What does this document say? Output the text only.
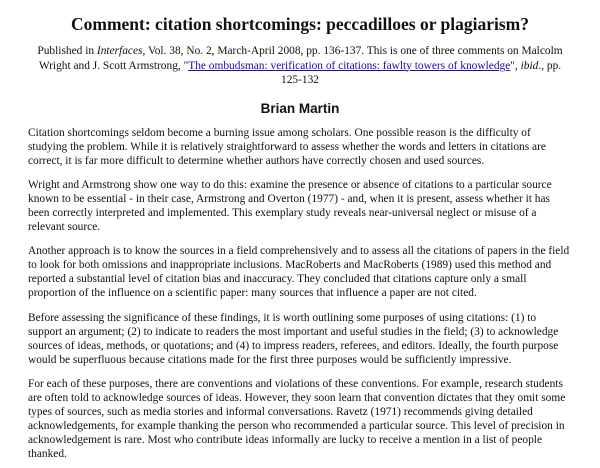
Comment: citation shortcomings: peccadilloes or plagiarism?
Published in Interfaces, Vol. 38, No. 2, March-April 2008, pp. 136-137. This is one of three comments on Malcolm Wright and J. Scott Armstrong, "The ombudsman: verification of citations: fawlty towers of knowledge", ibid., pp. 125-132
Brian Martin

Citation shortcomings seldom become a burning issue among scholars. One possible reason is the difficulty of studying the problem. While it is relatively straightforward to assess whether the words and letters in citations are correct, it is far more difficult to determine whether authors have correctly chosen and used sources.

Wright and Armstrong show one way to do this: examine the presence or absence of citations to a particular source known to be essential - in their case, Armstrong and Overton (1977) - and, when it is present, assess whether it has been correctly interpreted and implemented. This exemplary study reveals near-universal neglect or misuse of a relevant source.

Another approach is to know the sources in a field comprehensively and to assess all the citations of papers in the field to look for both omissions and inappropriate inclusions. MacRoberts and MacRoberts (1989) used this method and reported a substantial level of citation bias and inaccuracy. They concluded that citations capture only a small proportion of the influence on a scientific paper: many sources that influence a paper are not cited.

Before assessing the significance of these findings, it is worth outlining some purposes of using citations: (1) to support an argument; (2) to indicate to readers the most important and useful studies in the field; (3) to acknowledge sources of ideas, methods, or quotations; and (4) to impress readers, referees, and editors. Ideally, the fourth purpose would be superfluous because citations made for the first three purposes would be sufficiently impressive.

For each of these purposes, there are conventions and violations of these conventions. For example, research students are often told to acknowledge sources of ideas. However, they soon learn that convention dictates that they omit some types of sources, such as media stories and informal conversations. Ravetz (1971) recommends giving detailed acknowledgements, for example thanking the person who recommended a particular source. This level of precision in acknowledgement is rare. Most who contribute ideas informally are lucky to receive a mention in a list of people thanked.
